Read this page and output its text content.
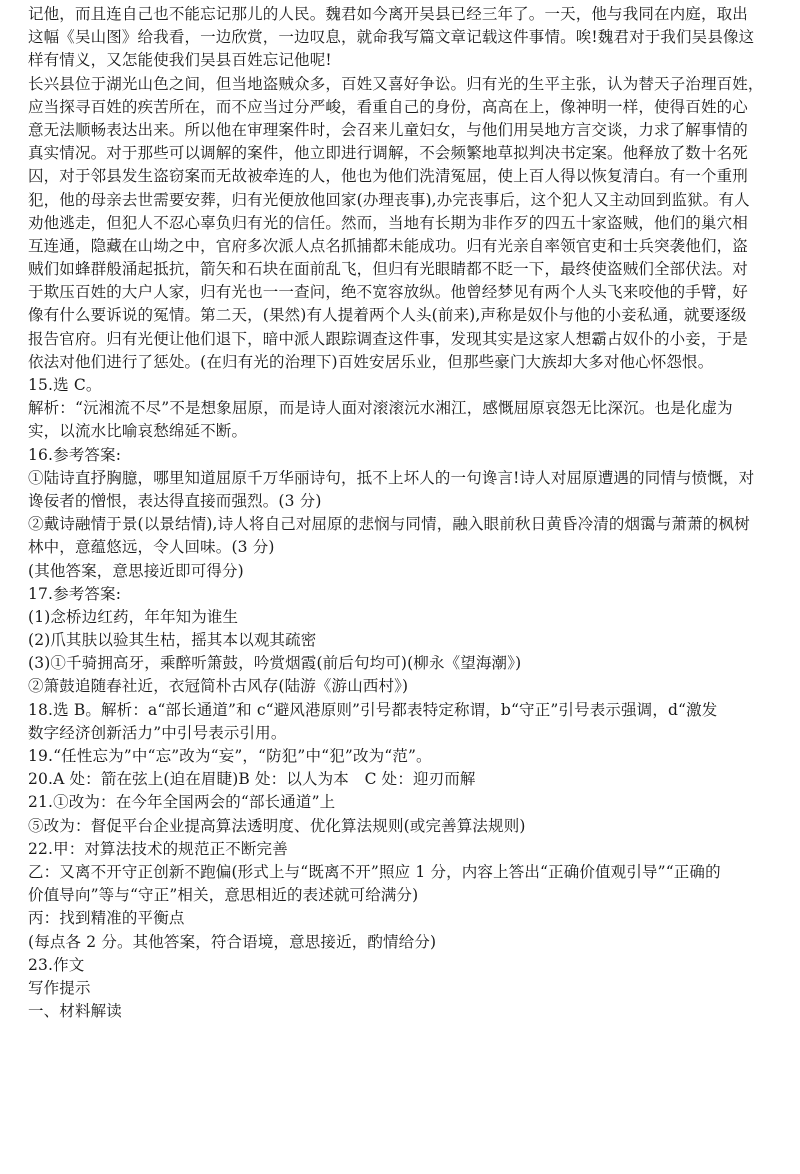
记他，而且连自己也不能忘记那儿的人民。魏君如今离开吴县已经三年了。一天，他与我同在内庭，取出
这幅《吴山图》给我看，一边欣赏，一边叹息，就命我写篇文章记载这件事情。唉!魏君对于我们吴县像这
样有情义，又怎能使我们吴县百姓忘记他呢!
长兴县位于湖光山色之间，但当地盗贼众多，百姓又喜好争讼。归有光的生平主张，认为替天子治理百姓，
应当探寻百姓的疾苦所在，而不应当过分严峻，看重自己的身份，高高在上，像神明一样，使得百姓的心
意无法顺畅表达出来。所以他在审理案件时，会召来儿童妇女，与他们用吴地方言交谈，力求了解事情的
真实情况。对于那些可以调解的案件，他立即进行调解，不会频繁地草拟判决书定案。他释放了数十名死
囚，对于邻县发生盗窃案而无故被牵连的人，他也为他们洗清冤屈，使上百人得以恢复清白。有一个重刑
犯，他的母亲去世需要安葬，归有光便放他回家(办理丧事),办完丧事后，这个犯人又主动回到监狱。有人
劝他逃走，但犯人不忍心辜负归有光的信任。然而，当地有长期为非作歹的四五十家盗贼，他们的巢穴相
互连通，隐藏在山坳之中，官府多次派人点名抓捕都未能成功。归有光亲自率领官吏和士兵突袭他们，盗
贼们如蜂群般涌起抵抗，箭矢和石块在面前乱飞，但归有光眼睛都不眨一下，最终使盗贼们全部伏法。对
于欺压百姓的大户人家，归有光也一一查问，绝不宽容放纵。他曾经梦见有两个人头飞来咬他的手臂，好
像有什么要诉说的冤情。第二天，(果然)有人提着两个人头(前来),声称是奴仆与他的小妾私通，就要逐级
报告官府。归有光便让他们退下，暗中派人跟踪调查这件事，发现其实是这家人想霸占奴仆的小妾，于是
依法对他们进行了惩处。(在归有光的治理下)百姓安居乐业，但那些豪门大族却大多对他心怀怨恨。
15.选 C。
解析：“沅湘流不尽”不是想象屈原，而是诗人面对滚滚沅水湘江，感慨屈原哀怨无比深沉。也是化虚为
实，以流水比喻哀愁绵延不断。
16.参考答案:
①陆诗直抒胸臆，哪里知道屈原千万华丽诗句，抵不上坏人的一句谗言!诗人对屈原遭遇的同情与愤慨，对
谗佞者的憎恨，表达得直接而强烈。(3 分)
②戴诗融情于景(以景结情),诗人将自己对屈原的悲悯与同情，融入眼前秋日黄昏冷清的烟霭与萧萧的枫树
林中，意蕴悠远，令人回味。(3 分)
(其他答案，意思接近即可得分)
17.参考答案:
(1)念桥边红药，年年知为谁生
(2)爪其肤以验其生枯，摇其本以观其疏密
(3)①千骑拥高牙，乘醉听箫鼓，吟赏烟霞(前后句均可)(柳永《望海潮》)
②箫鼓追随春社近，衣冠简朴古风存(陆游《游山西村》)
18.选 B。解析：a“部长通道”和 c“避风港原则”引号都表特定称谓，b“守正”引号表示强调，d“激发
数字经济创新活力”中引号表示引用。
19.“任性忘为”中“忘”改为“妄”，“防犯”中“犯”改为“范”。
20.A 处：箭在弦上(迫在眉睫)B 处：以人为本　C 处：迎刃而解
21.①改为：在今年全国两会的“部长通道”上
⑤改为：督促平台企业提高算法透明度、优化算法规则(或完善算法规则)
22.甲：对算法技术的规范正不断完善
乙：又离不开守正创新不跑偏(形式上与“既离不开”照应 1 分，内容上答出“正确价值观引导”“正确的
价值导向”等与“守正”相关，意思相近的表述就可给满分)
丙：找到精准的平衡点
(每点各 2 分。其他答案，符合语境，意思接近，酌情给分)
23.作文
写作提示
一、材料解读
